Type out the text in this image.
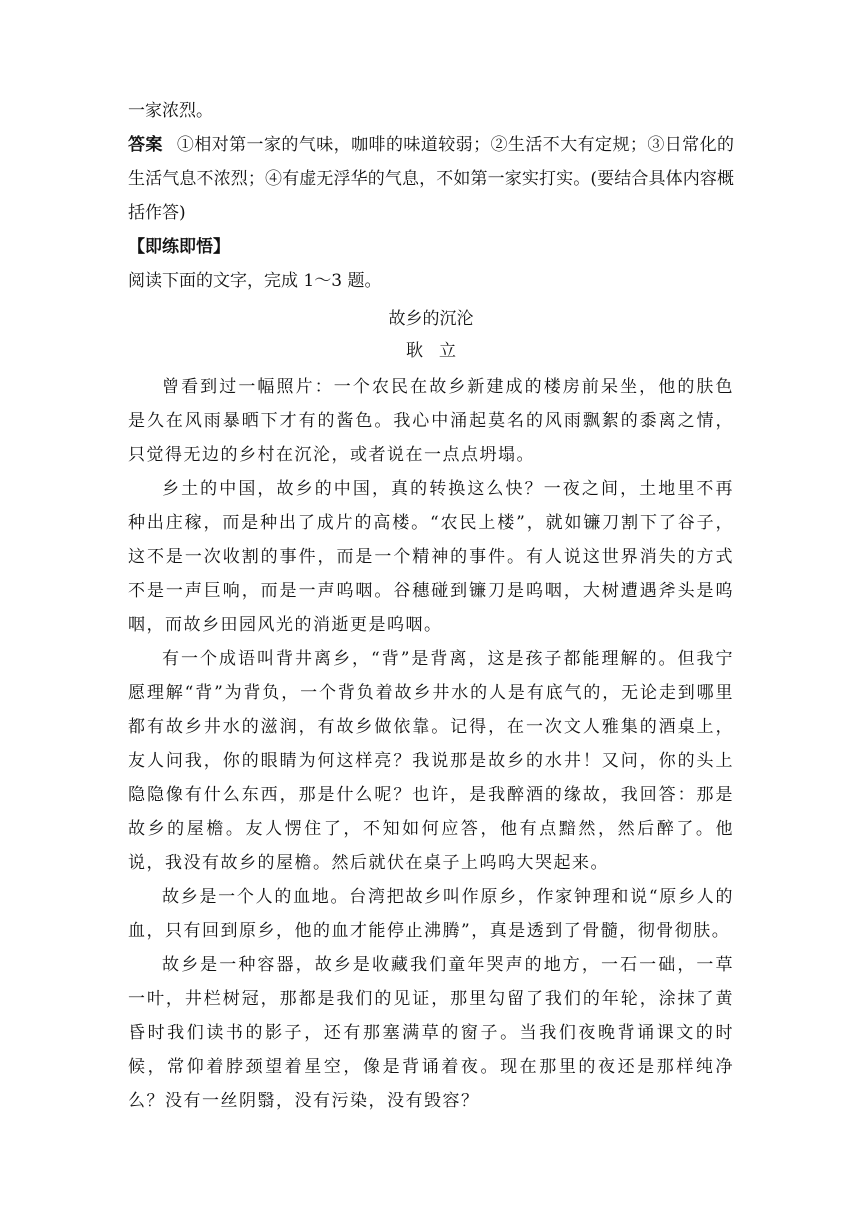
一家浓烈。

答案 ①相对第一家的气味，咖啡的味道较弱；②生活不大有定规；③日常化的生活气息不浓烈；④有虚无浮华的气息，不如第一家实打实。(要结合具体内容概括作答)

【即练即悟】

阅读下面的文字，完成 1～3 题。

故乡的沉沦

耿立

曾看到过一幅照片：一个农民在故乡新建成的楼房前呆坐，他的肤色是久在风雨暴晒下才有的酱色。我心中涌起莫名的风雨飘絮的黍离之情，只觉得无边的乡村在沉沦，或者说在一点点坍塌。

乡土的中国，故乡的中国，真的转换这么快？一夜之间，土地里不再种出庄稼，而是种出了成片的高楼。“农民上楼”，就如镰刀割下了谷子，这不是一次收割的事件，而是一个精神的事件。有人说这世界消失的方式不是一声巨响，而是一声呜咽。谷穗碰到镰刀是呜咽，大树遭遇斧头是呜咽，而故乡田园风光的消逝更是呜咽。

有一个成语叫背井离乡，“背”是背离，这是孩子都能理解的。但我宁愿理解“背”为背负，一个背负着故乡井水的人是有底气的，无论走到哪里都有故乡井水的滋润，有故乡做依靠。记得，在一次文人雅集的酒桌上，友人问我，你的眼睛为何这样亮？我说那是故乡的水井！又问，你的头上隐隐像有什么东西，那是什么呢？也许，是我醉酒的缘故，我回答：那是故乡的屋檐。友人愣住了，不知如何应答，他有点黯然，然后醉了。他说，我没有故乡的屋檐。然后就伏在桌子上呜呜大哭起来。

故乡是一个人的血地。台湾把故乡叫作原乡，作家钟理和说“原乡人的血，只有回到原乡，他的血才能停止沸腾”，真是透到了骨髓，彻骨彻肤。

故乡是一种容器，故乡是收藏我们童年哭声的地方，一石一础，一草一叶，井栏树冠，那都是我们的见证，那里勾留了我们的年轮，涂抹了黄昏时我们读书的影子，还有那塞满草的窗子。当我们夜晚背诵课文的时候，常仰着脖颈望着星空，像是背诵着夜。现在那里的夜还是那样纯净么？没有一丝阴翳，没有污染，没有毁容？
